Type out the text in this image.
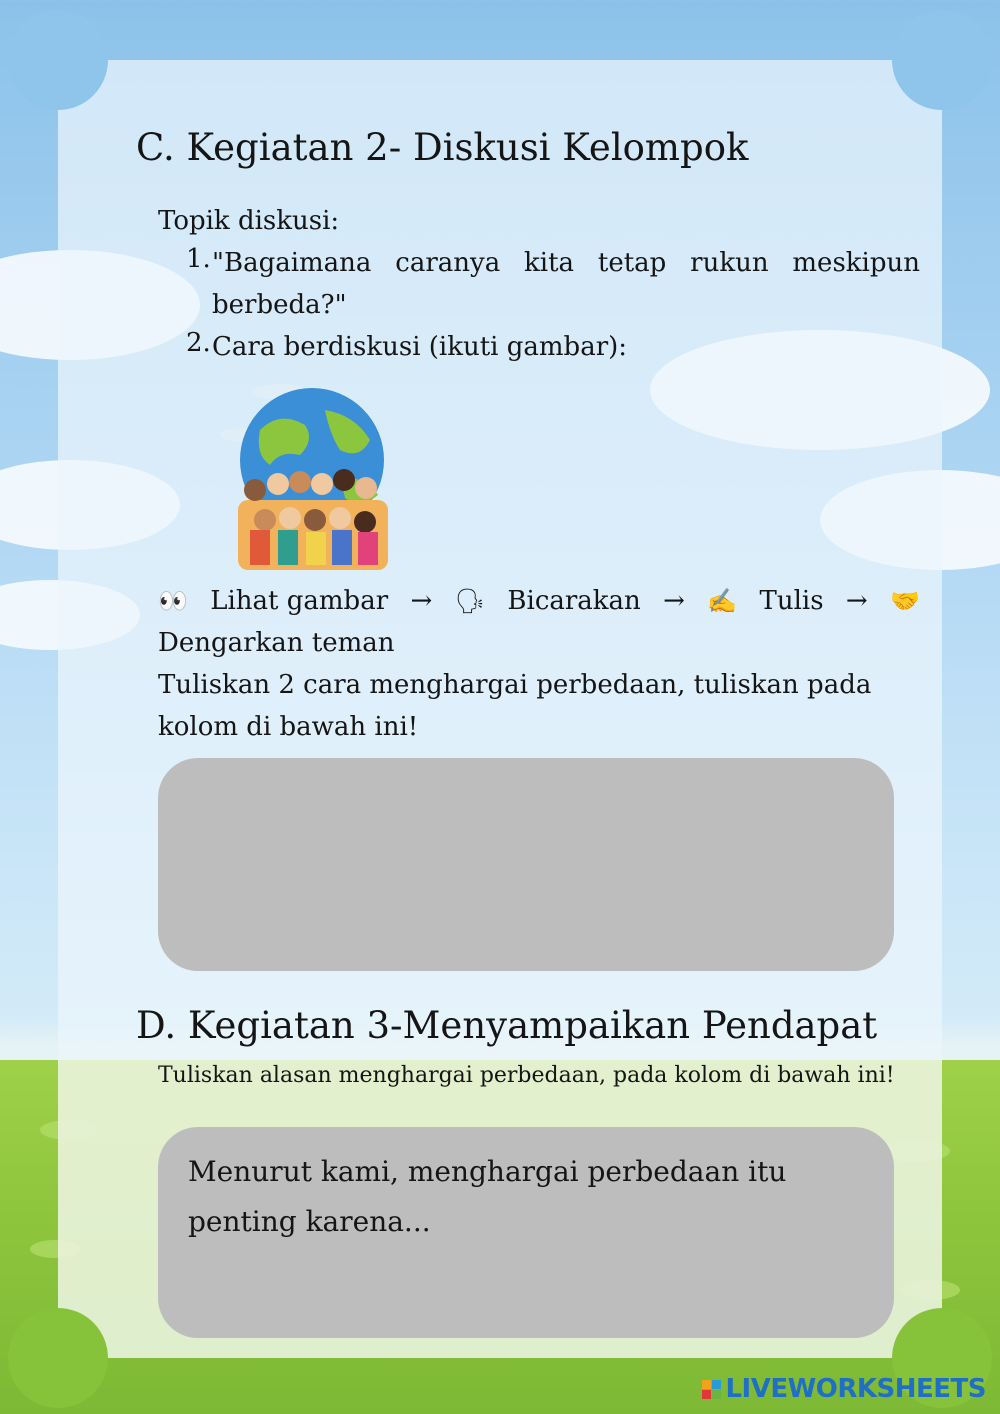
C. Kegiatan 2- Diskusi Kelompok
Topik diskusi:
1. "Bagaimana caranya kita tetap rukun meskipun berbeda?"
2. Cara berdiskusi (ikuti gambar):
👀 Lihat gambar → 🗣 Bicarakan → ✍ Tulis → 🤝
Dengarkan teman
Tuliskan 2 cara menghargai perbedaan, tuliskan pada kolom di bawah ini!
D. Kegiatan 3-Menyampaikan Pendapat
Tuliskan alasan menghargai perbedaan, pada kolom di bawah ini!
Menurut kami, menghargai perbedaan itu penting karena...
LIVEWORKSHEETS
